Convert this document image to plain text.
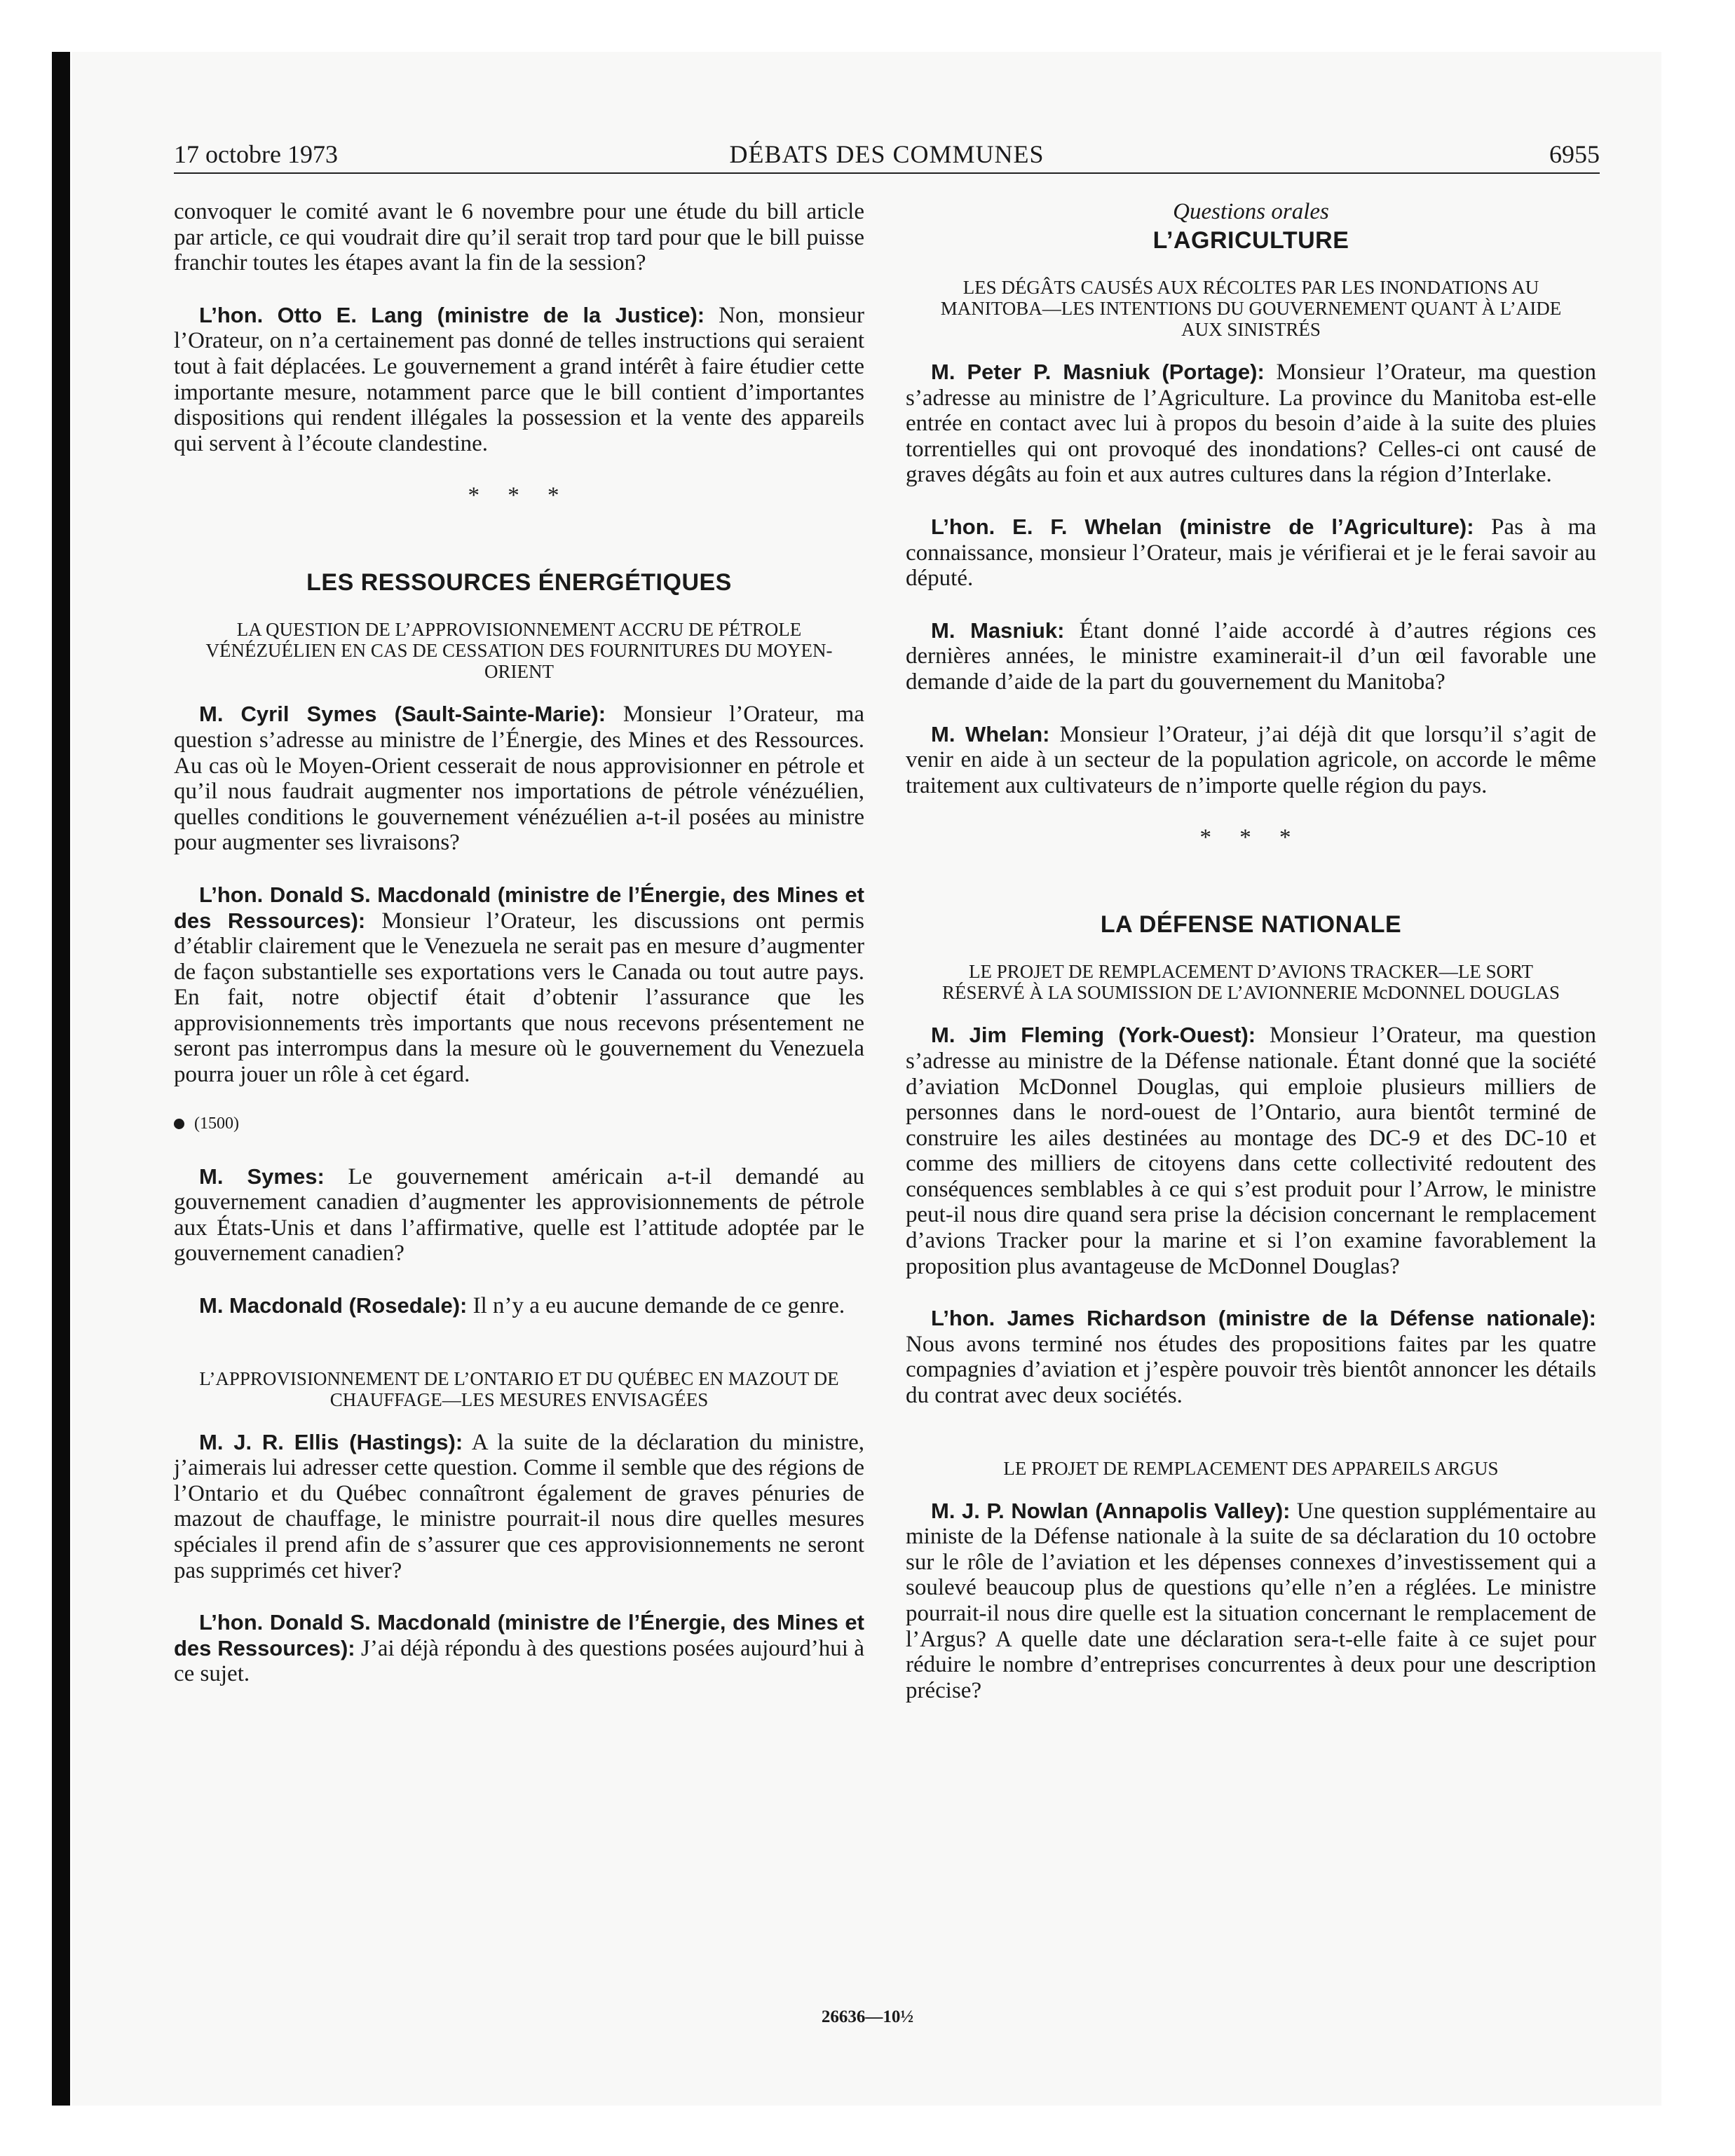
17 octobre 1973	DÉBATS DES COMMUNES	6955

convoquer le comité avant le 6 novembre pour une étude du bill article par article, ce qui voudrait dire qu’il serait trop tard pour que le bill puisse franchir toutes les étapes avant la fin de la session?

L’hon. Otto E. Lang (ministre de la Justice): Non, monsieur l’Orateur, on n’a certainement pas donné de telles instructions qui seraient tout à fait déplacées. Le gouvernement a grand intérêt à faire étudier cette importante mesure, notamment parce que le bill contient d’importantes dispositions qui rendent illégales la possession et la vente des appareils qui servent à l’écoute clandestine.

* * *
LES RESSOURCES ÉNERGÉTIQUES
LA QUESTION DE L’APPROVISIONNEMENT ACCRU DE PÉTROLE VÉNÉZUÉLIEN EN CAS DE CESSATION DES FOURNITURES DU MOYEN-ORIENT

M. Cyril Symes (Sault-Sainte-Marie): Monsieur l’Orateur, ma question s’adresse au ministre de l’Énergie, des Mines et des Ressources. Au cas où le Moyen-Orient cesserait de nous approvisionner en pétrole et qu’il nous faudrait augmenter nos importations de pétrole vénézuélien, quelles conditions le gouvernement vénézuélien a-t-il posées au ministre pour augmenter ses livraisons?

L’hon. Donald S. Macdonald (ministre de l’Énergie, des Mines et des Ressources): Monsieur l’Orateur, les discussions ont permis d’établir clairement que le Venezuela ne serait pas en mesure d’augmenter de façon substantielle ses exportations vers le Canada ou tout autre pays. En fait, notre objectif était d’obtenir l’assurance que les approvisionnements très importants que nous recevons présentement ne seront pas interrompus dans la mesure où le gouvernement du Venezuela pourra jouer un rôle à cet égard.

(1500)

M. Symes: Le gouvernement américain a-t-il demandé au gouvernement canadien d’augmenter les approvisionnements de pétrole aux États-Unis et dans l’affirmative, quelle est l’attitude adoptée par le gouvernement canadien?

M. Macdonald (Rosedale): Il n’y a eu aucune demande de ce genre.

L’APPROVISIONNEMENT DE L’ONTARIO ET DU QUÉBEC EN MAZOUT DE CHAUFFAGE—LES MESURES ENVISAGÉES

M. J. R. Ellis (Hastings): A la suite de la déclaration du ministre, j’aimerais lui adresser cette question. Comme il semble que des régions de l’Ontario et du Québec connaîtront également de graves pénuries de mazout de chauffage, le ministre pourrait-il nous dire quelles mesures spéciales il prend afin de s’assurer que ces approvisionnements ne seront pas supprimés cet hiver?

L’hon. Donald S. Macdonald (ministre de l’Énergie, des Mines et des Ressources): J’ai déjà répondu à des questions posées aujourd’hui à ce sujet.

Questions orales
L’AGRICULTURE
LES DÉGÂTS CAUSÉS AUX RÉCOLTES PAR LES INONDATIONS AU MANITOBA—LES INTENTIONS DU GOUVERNEMENT QUANT À L’AIDE AUX SINISTRÉS

M. Peter P. Masniuk (Portage): Monsieur l’Orateur, ma question s’adresse au ministre de l’Agriculture. La province du Manitoba est-elle entrée en contact avec lui à propos du besoin d’aide à la suite des pluies torrentielles qui ont provoqué des inondations? Celles-ci ont causé de graves dégâts au foin et aux autres cultures dans la région d’Interlake.

L’hon. E. F. Whelan (ministre de l’Agriculture): Pas à ma connaissance, monsieur l’Orateur, mais je vérifierai et je le ferai savoir au député.

M. Masniuk: Étant donné l’aide accordé à d’autres régions ces dernières années, le ministre examinerait-il d’un œil favorable une demande d’aide de la part du gouvernement du Manitoba?

M. Whelan: Monsieur l’Orateur, j’ai déjà dit que lorsqu’il s’agit de venir en aide à un secteur de la population agricole, on accorde le même traitement aux cultivateurs de n’importe quelle région du pays.

* * *
LA DÉFENSE NATIONALE
LE PROJET DE REMPLACEMENT D’AVIONS TRACKER—LE SORT RÉSERVÉ À LA SOUMISSION DE L’AVIONNERIE McDONNEL DOUGLAS

M. Jim Fleming (York-Ouest): Monsieur l’Orateur, ma question s’adresse au ministre de la Défense nationale. Étant donné que la société d’aviation McDonnel Douglas, qui emploie plusieurs milliers de personnes dans le nord-ouest de l’Ontario, aura bientôt terminé de construire les ailes destinées au montage des DC-9 et des DC-10 et comme des milliers de citoyens dans cette collectivité redoutent des conséquences semblables à ce qui s’est produit pour l’Arrow, le ministre peut-il nous dire quand sera prise la décision concernant le remplacement d’avions Tracker pour la marine et si l’on examine favorablement la proposition plus avantageuse de McDonnel Douglas?

L’hon. James Richardson (ministre de la Défense nationale): Nous avons terminé nos études des propositions faites par les quatre compagnies d’aviation et j’espère pouvoir très bientôt annoncer les détails du contrat avec deux sociétés.

LE PROJET DE REMPLACEMENT DES APPAREILS ARGUS

M. J. P. Nowlan (Annapolis Valley): Une question supplémentaire au ministe de la Défense nationale à la suite de sa déclaration du 10 octobre sur le rôle de l’aviation et les dépenses connexes d’investissement qui a soulevé beaucoup plus de questions qu’elle n’en a réglées. Le ministre pourrait-il nous dire quelle est la situation concernant le remplacement de l’Argus? A quelle date une déclaration sera-t-elle faite à ce sujet pour réduire le nombre d’entreprises concurrentes à deux pour une description précise?

26636—10½
